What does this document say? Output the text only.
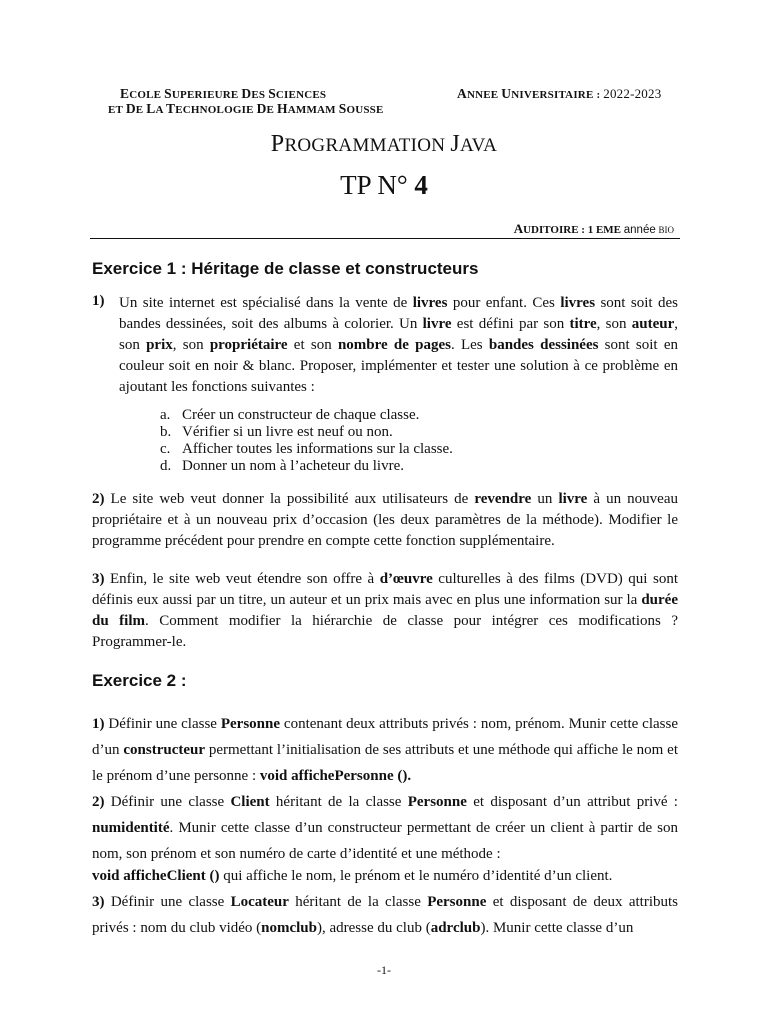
ECOLE SUPERIEURE DES SCIENCES
ET DE LA TECHNOLOGIE DE HAMMAM SOUSSE
ANNEE UNIVERSITAIRE : 2022-2023
PROGRAMMATION JAVA
TP N° 4
AUDITOIRE : 1 EME année BIO
Exercice 1 : Héritage de classe et constructeurs
1) Un site internet est spécialisé dans la vente de livres pour enfant. Ces livres sont soit des bandes dessinées, soit des albums à colorier. Un livre est défini par son titre, son auteur, son prix, son propriétaire et son nombre de pages. Les bandes dessinées sont soit en couleur soit en noir & blanc. Proposer, implémenter et tester une solution à ce problème en ajoutant les fonctions suivantes :
a. Créer un constructeur de chaque classe.
b. Vérifier si un livre est neuf ou non.
c. Afficher toutes les informations sur la classe.
d. Donner un nom à l’acheteur du livre.
2) Le site web veut donner la possibilité aux utilisateurs de revendre un livre à un nouveau propriétaire et à un nouveau prix d’occasion (les deux paramètres de la méthode). Modifier le programme précédent pour prendre en compte cette fonction supplémentaire.
3) Enfin, le site web veut étendre son offre à d’œuvre culturelles à des films (DVD) qui sont définis eux aussi par un titre, un auteur et un prix mais avec en plus une information sur la durée du film. Comment modifier la hiérarchie de classe pour intégrer ces modifications ? Programmer-le.
Exercice 2 :
1) Définir une classe Personne contenant deux attributs privés : nom, prénom. Munir cette classe d’un constructeur permettant l’initialisation de ses attributs et une méthode qui affiche le nom et le prénom d’une personne : void affichePersonne ().
2) Définir une classe Client héritant de la classe Personne et disposant d’un attribut privé : numidentité. Munir cette classe d’un constructeur permettant de créer un client à partir de son nom, son prénom et son numéro de carte d’identité et une méthode :
void afficheClient () qui affiche le nom, le prénom et le numéro d’identité d’un client.
3) Définir une classe Locateur héritant de la classe Personne et disposant de deux attributs privés : nom du club vidéo (nomclub), adresse du club (adrclub). Munir cette classe d’un
-1-
